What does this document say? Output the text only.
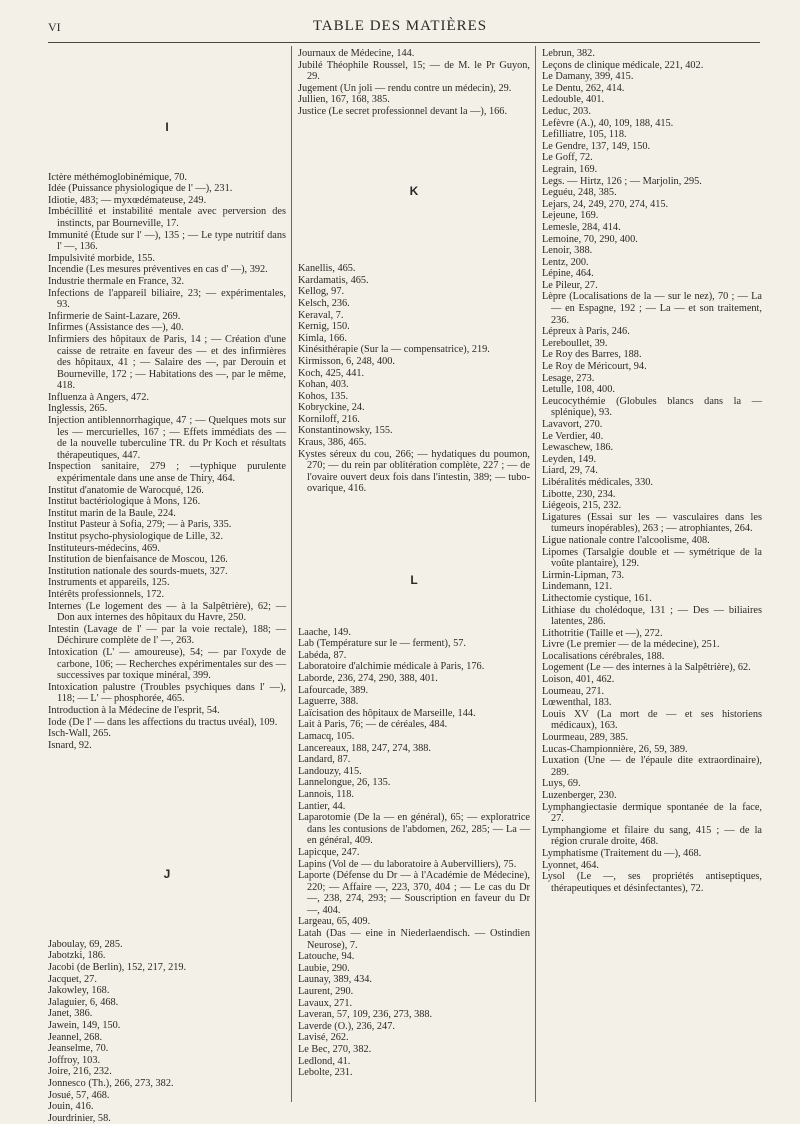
VI	TABLE DES MATIÈRES

I

Ictère méthémoglobinémique, 70.

Idée (Puissance physiologique de l' —), 231.

Idiotie, 483; — myxœdémateuse, 249.

Imbécillité et instabilité mentale avec perversion des instincts, par Bourneville, 17.

Immunité (Étude sur l' —), 135 ; — Le type nutritif dans l' —, 136.

Impulsivité morbide, 155.

Incendie (Les mesures préventives en cas d' —), 392.

Industrie thermale en France, 32.

Infections de l'appareil biliaire, 23; — expérimentales, 93.

Infirmerie de Saint-Lazare, 269.

Infirmes (Assistance des —), 40.

Infirmiers des hôpitaux de Paris, 14 ; — Création d'une caisse de retraite en faveur des — et des infirmières des hôpitaux, 41 ; — Salaire des —, par Derouin et Bourneville, 172 ; — Habitations des —, par le même, 418.

Influenza à Angers, 472.

Inglessis, 265.

Injection antiblennorrhagique, 47 ; — Quelques mots sur les — mercurielles, 167 ; — Effets immédiats des — de la nouvelle tuberculine TR. du Pr Koch et résultats thérapeutiques, 447.

Inspection sanitaire, 279 ; —typhique purulente expérimentale dans une anse de Thiry, 464.

Institut d'anatomie de Warocqué, 126.

Institut bactériologique à Mons, 126.

Institut marin de la Baule, 224.

Institut Pasteur à Sofia, 279; — à Paris, 335.

Institut psycho-physiologique de Lille, 32.

Instituteurs-médecins, 469.

Institution de bienfaisance de Moscou, 126.

Institution nationale des sourds-muets, 327.

Instruments et appareils, 125.

Intérêts professionnels, 172.

Internes (Le logement des — à la Salpêtrière), 62; — Don aux internes des hôpitaux du Havre, 250.

Intestin (Lavage de l' — par la voie rectale), 188; — Déchirure complète de l' —, 263.

Intoxication (L' — amoureuse), 54; — par l'oxyde de carbone, 106; — Recherches expérimentales sur des — successives par toxique minéral, 399.

Intoxication palustre (Troubles psychiques dans l' —), 118; — L' — phosphorée, 465.

Introduction à la Médecine de l'esprit, 54.

Iode (De l' — dans les affections du tractus uvéal), 109.

Isch-Wall, 265.

Isnard, 92.

J

Jaboulay, 69, 285.

Jabotzki, 186.

Jacobi (de Berlin), 152, 217, 219.

Jacquet, 27.

Jakowley, 168.

Jalaguier, 6, 468.

Janet, 386.

Jawein, 149, 150.

Jeannel, 268.

Jeanselme, 70.

Joffroy, 103.

Joire, 216, 232.

Jonnesco (Th.), 266, 273, 382.

Josué, 57, 468.

Jouin, 416.

Jourdrinier, 58.

Journaux de Médecine, 144.

Jubilé Théophile Roussel, 15; — de M. le Pr Guyon, 29.

Jugement (Un joli — rendu contre un médecin), 29.

Jullien, 167, 168, 385.

Justice (Le secret professionnel devant la —), 166.

K

Kanellis, 465.

Kardamatis, 465.

Kellog, 97.

Kelsch, 236.

Keraval, 7.

Kernig, 150.

Kimla, 166.

Kinésithérapie (Sur la — compensatrice), 219.

Kirmisson, 6, 248, 400.

Koch, 425, 441.

Kohan, 403.

Kohos, 135.

Kobryckine, 24.

Korniloff, 216.

Konstantinowsky, 155.

Kraus, 386, 465.

Kystes séreux du cou, 266; — hydatiques du poumon, 270; — du rein par oblitération complète, 227 ; — de l'ovaire ouvert deux fois dans l'intestin, 389; — tubo-ovarique, 416.

L

Laache, 149.

Lab (Température sur le — ferment), 57.

Labéda, 87.

Laboratoire d'alchimie médicale à Paris, 176.

Laborde, 236, 274, 290, 388, 401.

Lafourcade, 389.

Laguerre, 388.

Laïcisation des hôpitaux de Marseille, 144.

Lait à Paris, 76; — de céréales, 484.

Lamacq, 105.

Lancereaux, 188, 247, 274, 388.

Landard, 87.

Landouzy, 415.

Lannelongue, 26, 135.

Lannois, 118.

Lantier, 44.

Laparotomie (De la — en général), 65; — exploratrice dans les contusions de l'abdomen, 262, 285; — La — en général, 409.

Lapicque, 247.

Lapins (Vol de — du laboratoire à Aubervilliers), 75.

Laporte (Défense du Dr — à l'Académie de Médecine), 220; — Affaire —, 223, 370, 404 ; — Le cas du Dr —, 238, 274, 293; — Souscription en faveur du Dr —, 404.

Largeau, 65, 409.

Latah (Das — eine in Niederlaendisch. — Ostindien Neurose), 7.

Latouche, 94.

Laubie, 290.

Launay, 389, 434.

Laurent, 290.

Lavaux, 271.

Laveran, 57, 109, 236, 273, 388.

Laverde (O.), 236, 247.

Lavisé, 262.

Le Bec, 270, 382.

Ledlond, 41.

Lebolte, 231.

Lebrun, 382.

Leçons de clinique médicale, 221, 402.

Le Damany, 399, 415.

Le Dentu, 262, 414.

Ledouble, 401.

Leduc, 203.

Lefèvre (A.), 40, 109, 188, 415.

Lefilliatre, 105, 118.

Le Gendre, 137, 149, 150.

Le Goff, 72.

Legrain, 169.

Legs. — Hirtz, 126 ; — Marjolin, 295.

Leguéu, 248, 385.

Lejars, 24, 249, 270, 274, 415.

Lejeune, 169.

Lemesle, 284, 414.

Lemoine, 70, 290, 400.

Lenoir, 388.

Lentz, 200.

Lépine, 464.

Le Pileur, 27.

Lèpre (Localisations de la — sur le nez), 70 ; — La — en Espagne, 192 ; — La — et son traitement, 236.

Lépreux à Paris, 246.

Lereboullet, 39.

Le Roy des Barres, 188.

Le Roy de Méricourt, 94.

Lesage, 273.

Letulle, 108, 400.

Leucocythémie (Globules blancs dans la — splénique), 93.

Lavavort, 270.

Le Verdier, 40.

Lewaschew, 186.

Leyden, 149.

Liard, 29, 74.

Libéralités médicales, 330.

Libotte, 230, 234.

Liégeois, 215, 232.

Ligatures (Essai sur les — vasculaires dans les tumeurs inopérables), 263 ; — atrophiantes, 264.

Ligue nationale contre l'alcoolisme, 408.

Lipomes (Tarsalgie double et — symétrique de la voûte plantaire), 129.

Lirmin-Lipman, 73.

Lindemann, 121.

Lithectomie cystique, 161.

Lithiase du cholédoque, 131 ; — Des — biliaires latentes, 286.

Lithotritie (Taille et —), 272.

Livre (Le premier — de la médecine), 251.

Localisations cérébrales, 188.

Logement (Le — des internes à la Salpêtrière), 62.

Loison, 401, 462.

Loumeau, 271.

Lœwenthal, 183.

Louis XV (La mort de — et ses historiens médicaux), 163.

Lourmeau, 289, 385.

Lucas-Championnière, 26, 59, 389.

Luxation (Une — de l'épaule dite extraordinaire), 289.

Luys, 69.

Luzenberger, 230.

Lymphangiectasie dermique spontanée de la face, 27.

Lymphangiome et filaire du sang, 415 ; — de la région crurale droite, 468.

Lymphatisme (Traitement du —), 468.

Lyonnet, 464.

Lysol (Le —, ses propriétés antiseptiques, thérapeutiques et désinfectantes), 72.
